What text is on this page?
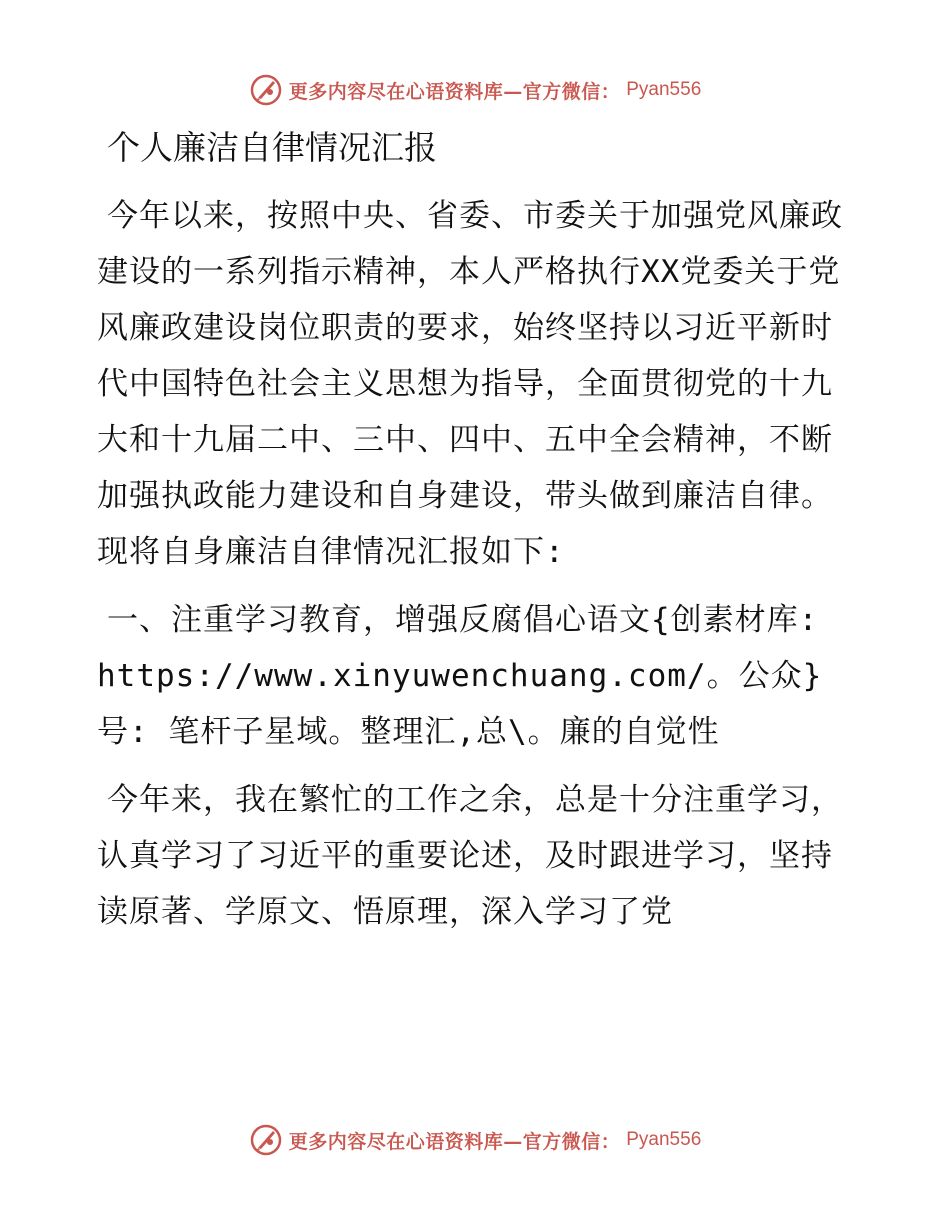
更多内容尽在心语资料库—官方微信： Pyan556
个人廉洁自律情况汇报

今年以来，按照中央、省委、市委关于加强党风廉政建设的一系列指示精神，本人严格执行XX党委关于党风廉政建设岗位职责的要求，始终坚持以习近平新时代中国特色社会主义思想为指导，全面贯彻党的十九大和十九届二中、三中、四中、五中全会精神，不断加强执政能力建设和自身建设，带头做到廉洁自律。现将自身廉洁自律情况汇报如下:

一、注重学习教育，增强反腐倡心语文{创素材库: https://www.xinyuwenchuang.com/。公众}号: 笔杆子星域。整理汇,总\。廉的自觉性

今年来，我在繁忙的工作之余，总是十分注重学习，认真学习了习近平的重要论述，及时跟进学习，坚持读原著、学原文、悟原理，深入学习了党

更多内容尽在心语资料库—官方微信： Pyan556
